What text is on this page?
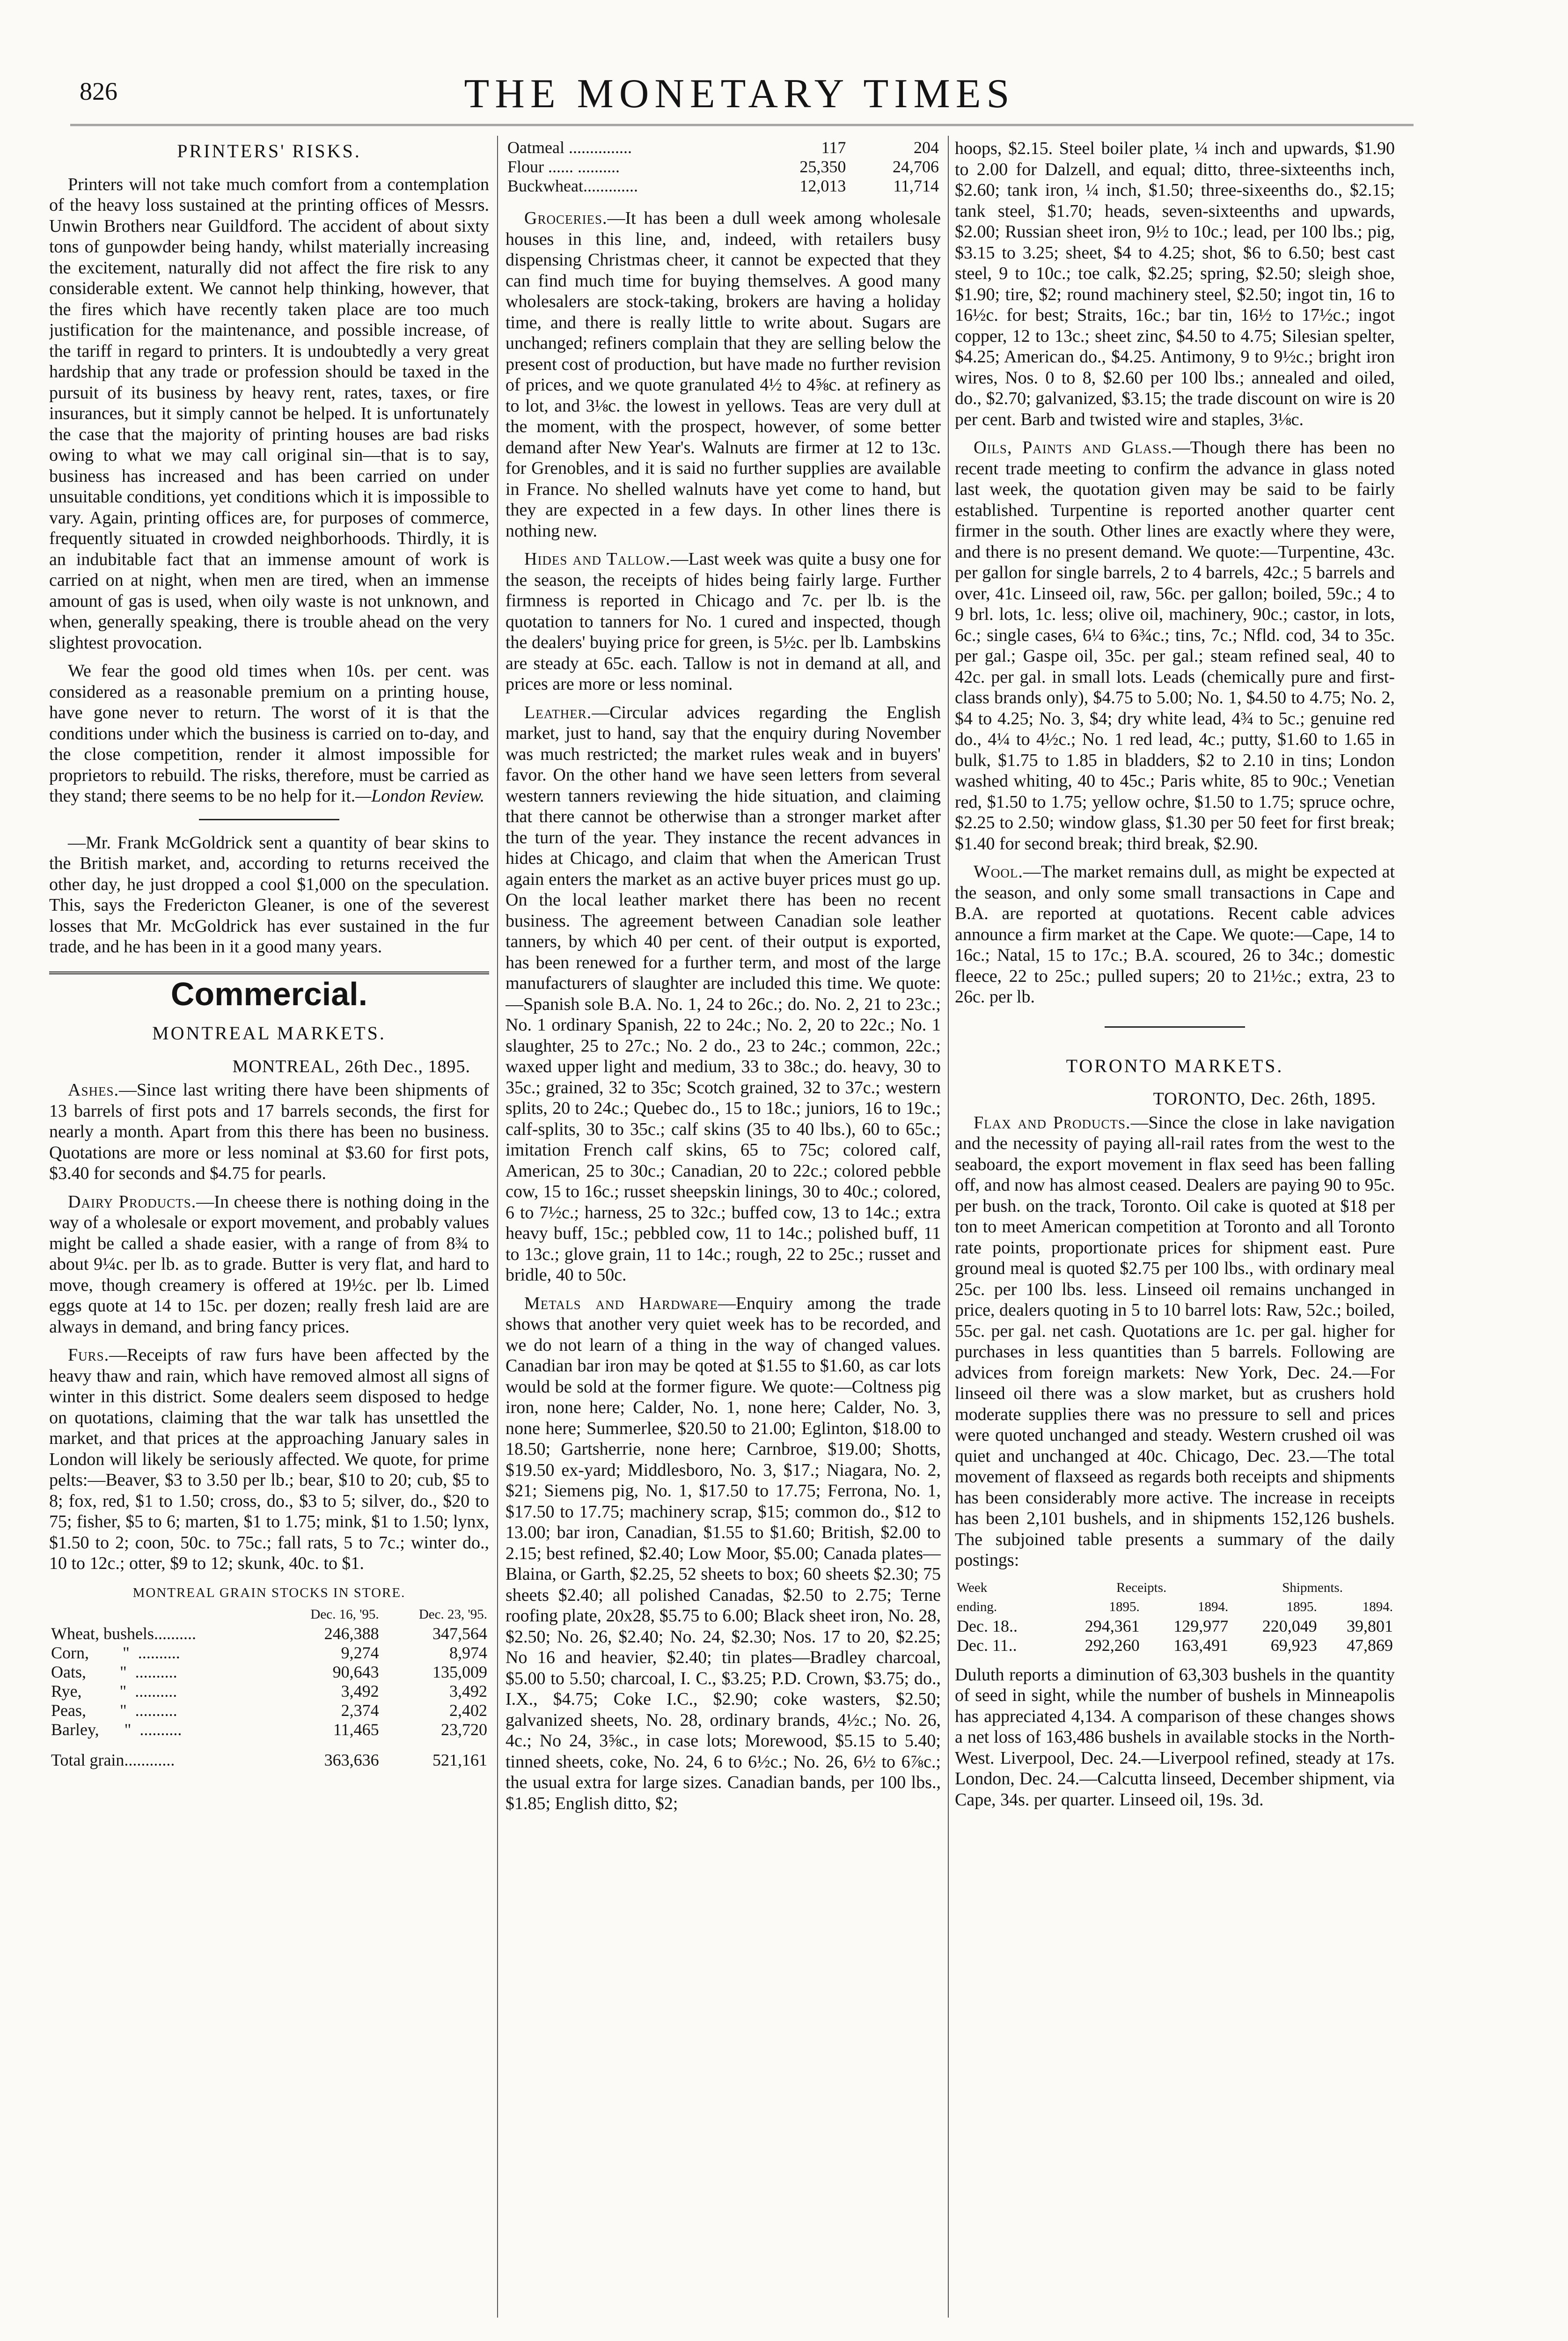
826	THE MONETARY TIMES
PRINTERS' RISKS.

Printers will not take much comfort from a contemplation of the heavy loss sustained at the printing offices of Messrs. Unwin Brothers near Guildford. The accident of about sixty tons of gunpowder being handy, whilst materially increasing the excitement, naturally did not affect the fire risk to any considerable extent. We cannot help thinking, however, that the fires which have recently taken place are too much justification for the maintenance, and possible increase, of the tariff in regard to printers. It is undoubtedly a very great hardship that any trade or profession should be taxed in the pursuit of its business by heavy rent, rates, taxes, or fire insurances, but it simply cannot be helped. It is unfortunately the case that the majority of printing houses are bad risks owing to what we may call original sin—that is to say, business has increased and has been carried on under unsuitable conditions, yet conditions which it is impossible to vary. Again, printing offices are, for purposes of commerce, frequently situated in crowded neighborhoods. Thirdly, it is an indubitable fact that an immense amount of work is carried on at night, when men are tired, when an immense amount of gas is used, when oily waste is not unknown, and when, generally speaking, there is trouble ahead on the very slightest provocation.

We fear the good old times when 10s. per cent. was considered as a reasonable premium on a printing house, have gone never to return. The worst of it is that the conditions under which the business is carried on to-day, and the close competition, render it almost impossible for proprietors to rebuild. The risks, therefore, must be carried as they stand; there seems to be no help for it.—London Review.

—Mr. Frank McGoldrick sent a quantity of bear skins to the British market, and, according to returns received the other day, he just dropped a cool $1,000 on the speculation. This, says the Fredericton Gleaner, is one of the severest losses that Mr. McGoldrick has ever sustained in the fur trade, and he has been in it a good many years.

Commercial.
MONTREAL MARKETS.
MONTREAL, 26th Dec., 1895.

Ashes.—Since last writing there have been shipments of 13 barrels of first pots and 17 barrels seconds, the first for nearly a month. Apart from this there has been no business. Quotations are more or less nominal at $3.60 for first pots, $3.40 for seconds and $4.75 for pearls.

Dairy Products.—In cheese there is nothing doing in the way of a wholesale or export movement, and probably values might be called a shade easier, with a range of from 8¾ to about 9¼c. per lb. as to grade. Butter is very flat, and hard to move, though creamery is offered at 19½c. per lb. Limed eggs quote at 14 to 15c. per dozen; really fresh laid are are always in demand, and bring fancy prices.

Furs.—Receipts of raw furs have been affected by the heavy thaw and rain, which have removed almost all signs of winter in this district. Some dealers seem disposed to hedge on quotations, claiming that the war talk has unsettled the market, and that prices at the approaching January sales in London will likely be seriously affected. We quote, for prime pelts:—Beaver, $3 to 3.50 per lb.; bear, $10 to 20; cub, $5 to 8; fox, red, $1 to 1.50; cross, do., $3 to 5; silver, do., $20 to 75; fisher, $5 to 6; marten, $1 to 1.75; mink, $1 to 1.50; lynx, $1.50 to 2; coon, 50c. to 75c.; fall rats, 5 to 7c.; winter do., 10 to 12c.; otter, $9 to 12; skunk, 40c. to $1.

MONTREAL GRAIN STOCKS IN STORE.
	Dec. 16, '95.	Dec. 23, '95.
Wheat, bushels..........	246,388	347,564
Corn,        "  ..........	9,274	8,974
Oats,        "  ..........	90,643	135,009
Rye,         "  ..........	3,492	3,492
Peas,        "  ..........	2,374	2,402
Barley,      "  ..........	11,465	23,720
Total grain............	363,636	521,161
Oatmeal ...............	117	204
Flour ...... ..........	25,350	24,706
Buckwheat.............	12,013	11,714

Groceries.—It has been a dull week among wholesale houses in this line, and, indeed, with retailers busy dispensing Christmas cheer, it cannot be expected that they can find much time for buying themselves. A good many wholesalers are stock-taking, brokers are having a holiday time, and there is really little to write about. Sugars are unchanged; refiners complain that they are selling below the present cost of production, but have made no further revision of prices, and we quote granulated 4½ to 4⅝c. at refinery as to lot, and 3⅛c. the lowest in yellows. Teas are very dull at the moment, with the prospect, however, of some better demand after New Year's. Walnuts are firmer at 12 to 13c. for Grenobles, and it is said no further supplies are available in France. No shelled walnuts have yet come to hand, but they are expected in a few days. In other lines there is nothing new.

Hides and Tallow.—Last week was quite a busy one for the season, the receipts of hides being fairly large. Further firmness is reported in Chicago and 7c. per lb. is the quotation to tanners for No. 1 cured and inspected, though the dealers' buying price for green, is 5½c. per lb. Lambskins are steady at 65c. each. Tallow is not in demand at all, and prices are more or less nominal.

Leather.—Circular advices regarding the English market, just to hand, say that the enquiry during November was much restricted; the market rules weak and in buyers' favor. On the other hand we have seen letters from several western tanners reviewing the hide situation, and claiming that there cannot be otherwise than a stronger market after the turn of the year. They instance the recent advances in hides at Chicago, and claim that when the American Trust again enters the market as an active buyer prices must go up. On the local leather market there has been no recent business. The agreement between Canadian sole leather tanners, by which 40 per cent. of their output is exported, has been renewed for a further term, and most of the large manufacturers of slaughter are included this time. We quote:—Spanish sole B.A. No. 1, 24 to 26c.; do. No. 2, 21 to 23c.; No. 1 ordinary Spanish, 22 to 24c.; No. 2, 20 to 22c.; No. 1 slaughter, 25 to 27c.; No. 2 do., 23 to 24c.; common, 22c.; waxed upper light and medium, 33 to 38c.; do. heavy, 30 to 35c.; grained, 32 to 35c; Scotch grained, 32 to 37c.; western splits, 20 to 24c.; Quebec do., 15 to 18c.; juniors, 16 to 19c.; calf-splits, 30 to 35c.; calf skins (35 to 40 lbs.), 60 to 65c.; imitation French calf skins, 65 to 75c; colored calf, American, 25 to 30c.; Canadian, 20 to 22c.; colored pebble cow, 15 to 16c.; russet sheepskin linings, 30 to 40c.; colored, 6 to 7½c.; harness, 25 to 32c.; buffed cow, 13 to 14c.; extra heavy buff, 15c.; pebbled cow, 11 to 14c.; polished buff, 11 to 13c.; glove grain, 11 to 14c.; rough, 22 to 25c.; russet and bridle, 40 to 50c.

Metals and Hardware—Enquiry among the trade shows that another very quiet week has to be recorded, and we do not learn of a thing in the way of changed values. Canadian bar iron may be qoted at $1.55 to $1.60, as car lots would be sold at the former figure. We quote:—Coltness pig iron, none here; Calder, No. 1, none here; Calder, No. 3, none here; Summerlee, $20.50 to 21.00; Eglinton, $18.00 to 18.50; Gartsherrie, none here; Carnbroe, $19.00; Shotts, $19.50 ex-yard; Middlesboro, No. 3, $17.; Niagara, No. 2, $21; Siemens pig, No. 1, $17.50 to 17.75; Ferrona, No. 1, $17.50 to 17.75; machinery scrap, $15; common do., $12 to 13.00; bar iron, Canadian, $1.55 to $1.60; British, $2.00 to 2.15; best refined, $2.40; Low Moor, $5.00; Canada plates—Blaina, or Garth, $2.25, 52 sheets to box; 60 sheets $2.30; 75 sheets $2.40; all polished Canadas, $2.50 to 2.75; Terne roofing plate, 20x28, $5.75 to 6.00; Black sheet iron, No. 28, $2.50; No. 26, $2.40; No. 24, $2.30; Nos. 17 to 20, $2.25; No 16 and heavier, $2.40; tin plates—Bradley charcoal, $5.00 to 5.50; charcoal, I. C., $3.25; P.D. Crown, $3.75; do., I.X., $4.75; Coke I.C., $2.90; coke wasters, $2.50; galvanized sheets, No. 28, ordinary brands, 4½c.; No. 26, 4c.; No 24, 3⅝c., in case lots; Morewood, $5.15 to 5.40; tinned sheets, coke, No. 24, 6 to 6½c.; No. 26, 6½ to 6⅞c.; the usual extra for large sizes. Canadian bands, per 100 lbs., $1.85; English ditto, $2;

hoops, $2.15. Steel boiler plate, ¼ inch and upwards, $1.90 to 2.00 for Dalzell, and equal; ditto, three-sixteenths inch, $2.60; tank iron, ¼ inch, $1.50; three-sixeenths do., $2.15; tank steel, $1.70; heads, seven-sixteenths and upwards, $2.00; Russian sheet iron, 9½ to 10c.; lead, per 100 lbs.; pig, $3.15 to 3.25; sheet, $4 to 4.25; shot, $6 to 6.50; best cast steel, 9 to 10c.; toe calk, $2.25; spring, $2.50; sleigh shoe, $1.90; tire, $2; round machinery steel, $2.50; ingot tin, 16 to 16½c. for best; Straits, 16c.; bar tin, 16½ to 17½c.; ingot copper, 12 to 13c.; sheet zinc, $4.50 to 4.75; Silesian spelter, $4.25; American do., $4.25. Antimony, 9 to 9½c.; bright iron wires, Nos. 0 to 8, $2.60 per 100 lbs.; annealed and oiled, do., $2.70; galvanized, $3.15; the trade discount on wire is 20 per cent. Barb and twisted wire and staples, 3⅛c.

Oils, Paints and Glass.—Though there has been no recent trade meeting to confirm the advance in glass noted last week, the quotation given may be said to be fairly established. Turpentine is reported another quarter cent firmer in the south. Other lines are exactly where they were, and there is no present demand. We quote:—Turpentine, 43c. per gallon for single barrels, 2 to 4 barrels, 42c.; 5 barrels and over, 41c. Linseed oil, raw, 56c. per gallon; boiled, 59c.; 4 to 9 brl. lots, 1c. less; olive oil, machinery, 90c.; castor, in lots, 6c.; single cases, 6¼ to 6¾c.; tins, 7c.; Nfld. cod, 34 to 35c. per gal.; Gaspe oil, 35c. per gal.; steam refined seal, 40 to 42c. per gal. in small lots. Leads (chemically pure and first-class brands only), $4.75 to 5.00; No. 1, $4.50 to 4.75; No. 2, $4 to 4.25; No. 3, $4; dry white lead, 4¾ to 5c.; genuine red do., 4¼ to 4½c.; No. 1 red lead, 4c.; putty, $1.60 to 1.65 in bulk, $1.75 to 1.85 in bladders, $2 to 2.10 in tins; London washed whiting, 40 to 45c.; Paris white, 85 to 90c.; Venetian red, $1.50 to 1.75; yellow ochre, $1.50 to 1.75; spruce ochre, $2.25 to 2.50; window glass, $1.30 per 50 feet for first break; $1.40 for second break; third break, $2.90.

Wool.—The market remains dull, as might be expected at the season, and only some small transactions in Cape and B.A. are reported at quotations. Recent cable advices announce a firm market at the Cape. We quote:—Cape, 14 to 16c.; Natal, 15 to 17c.; B.A. scoured, 26 to 34c.; domestic fleece, 22 to 25c.; pulled supers; 20 to 21½c.; extra, 23 to 26c. per lb.

TORONTO MARKETS.
TORONTO, Dec. 26th, 1895.

Flax and Products.—Since the close in lake navigation and the necessity of paying all-rail rates from the west to the seaboard, the export movement in flax seed has been falling off, and now has almost ceased. Dealers are paying 90 to 95c. per bush. on the track, Toronto. Oil cake is quoted at $18 per ton to meet American competition at Toronto and all Toronto rate points, proportionate prices for shipment east. Pure ground meal is quoted $2.75 per 100 lbs., with ordinary meal 25c. per 100 lbs. less. Linseed oil remains unchanged in price, dealers quoting in 5 to 10 barrel lots: Raw, 52c.; boiled, 55c. per gal. net cash. Quotations are 1c. per gal. higher for purchases in less quantities than 5 barrels. Following are advices from foreign markets: New York, Dec. 24.—For linseed oil there was a slow market, but as crushers hold moderate supplies there was no pressure to sell and prices were quoted unchanged and steady. Western crushed oil was quiet and unchanged at 40c. Chicago, Dec. 23.—The total movement of flaxseed as regards both receipts and shipments has been considerably more active. The increase in receipts has been 2,101 bushels, and in shipments 152,126 bushels. The subjoined table presents a summary of the daily postings:

Week	Receipts.		Shipments.	
ending.	1895.	1894.	1895.	1894.
Dec. 18..	294,361	129,977	220,049	39,801
Dec. 11..	292,260	163,491	69,923	47,869

Duluth reports a diminution of 63,303 bushels in the quantity of seed in sight, while the number of bushels in Minneapolis has appreciated 4,134. A comparison of these changes shows a net loss of 163,486 bushels in available stocks in the North-West. Liverpool, Dec. 24.—Liverpool refined, steady at 17s. London, Dec. 24.—Calcutta linseed, December shipment, via Cape, 34s. per quarter. Linseed oil, 19s. 3d.
